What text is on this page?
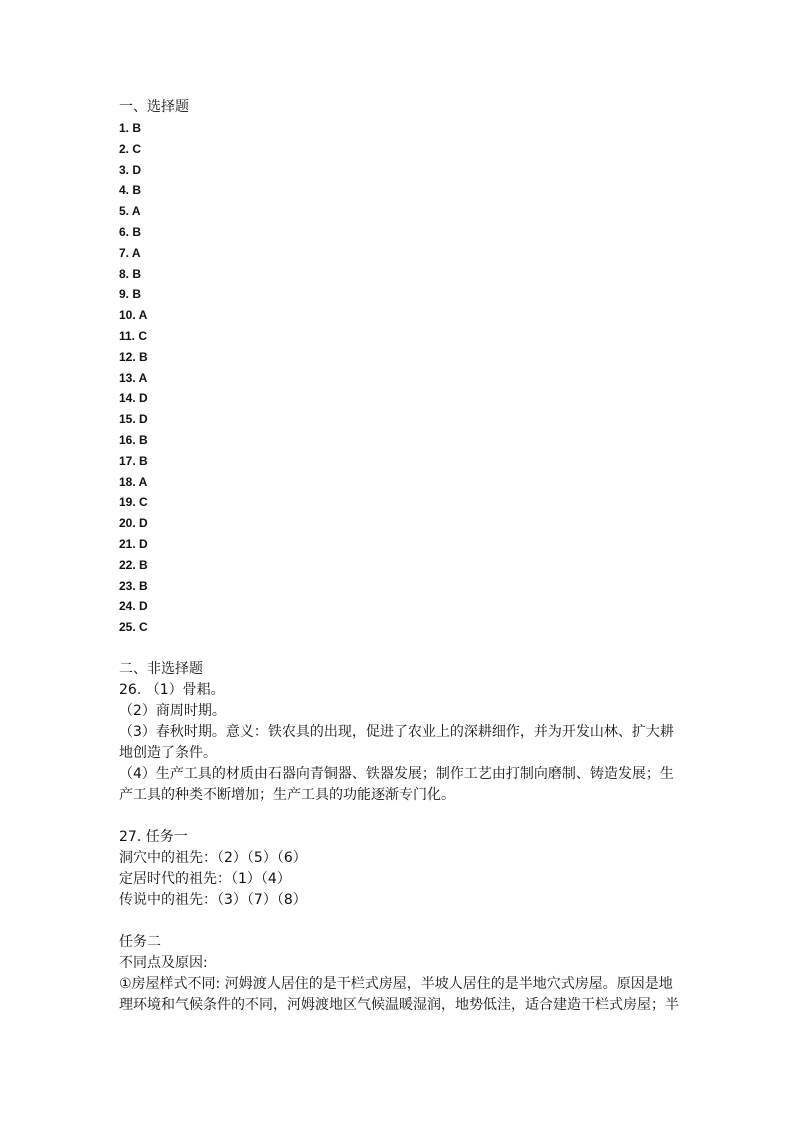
一、选择题
1. B
2. C
3. D
4. B
5. A
6. B
7. A
8. B
9. B
10. A
11. C
12. B
13. A
14. D
15. D
16. B
17. B
18. A
19. C
20. D
21. D
22. B
23. B
24. D
25. C
二、非选择题

26. （1）骨耜。

（2）商周时期。

（3）春秋时期。意义：铁农具的出现，促进了农业上的深耕细作，并为开发山林、扩大耕地创造了条件。

（4）生产工具的材质由石器向青铜器、铁器发展；制作工艺由打制向磨制、铸造发展；生产工具的种类不断增加；生产工具的功能逐渐专门化。

27. 任务一

洞穴中的祖先：（2）（5）（6）

定居时代的祖先：（1）（4）

传说中的祖先：（3）（7）（8）

任务二

不同点及原因:

①房屋样式不同: 河姆渡人居住的是干栏式房屋，半坡人居住的是半地穴式房屋。原因是地理环境和气候条件的不同，河姆渡地区气候温暖湿润，地势低洼，适合建造干栏式房屋；半
